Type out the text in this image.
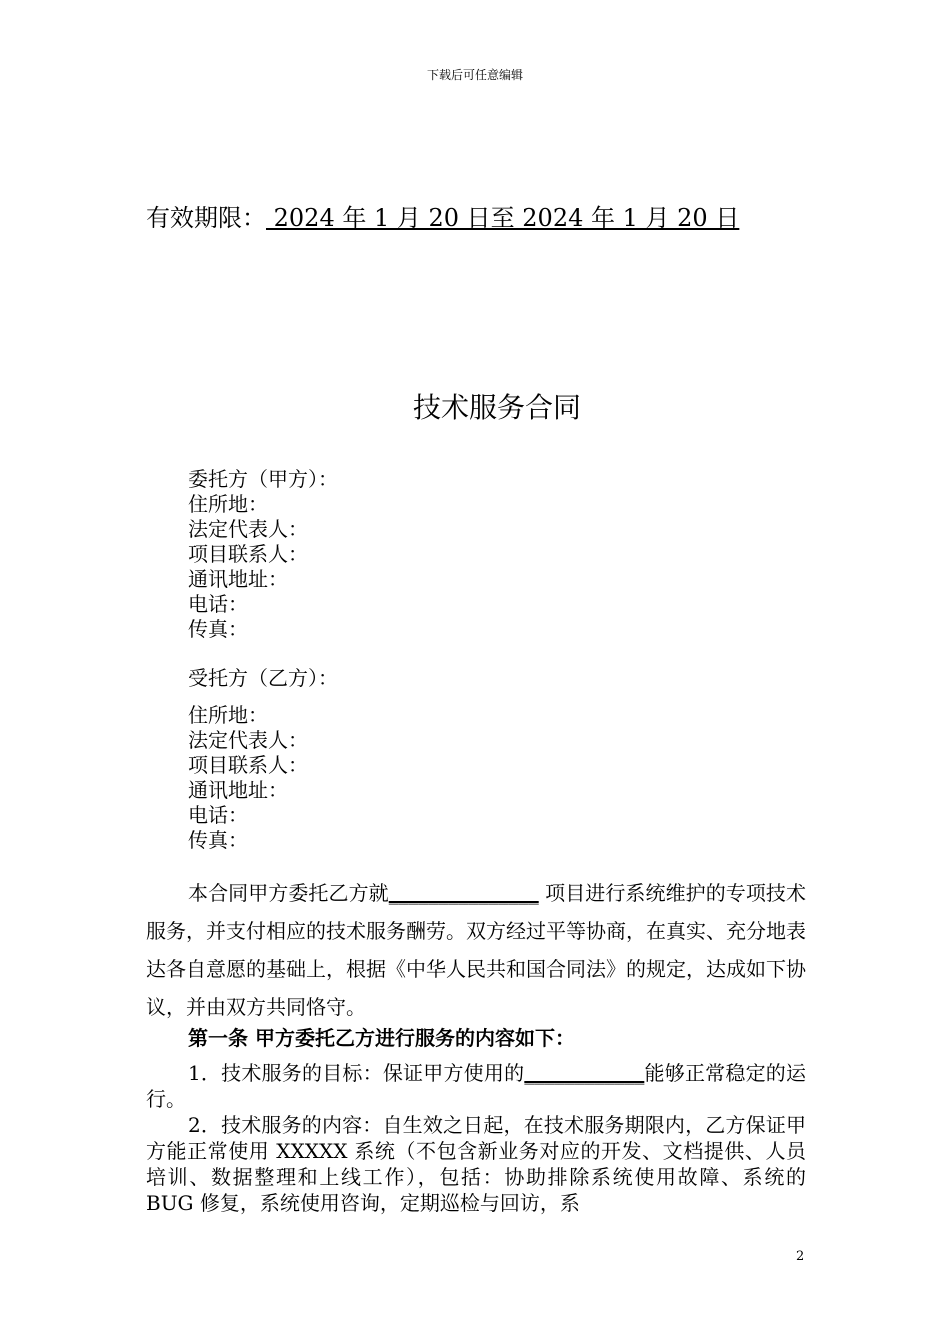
下载后可任意编辑
有效期限： 2024 年 1 月 20 日至 2024 年 1 月 20 日
技术服务合同
委托方（甲方）：
住所地：
法定代表人：
项目联系人：
通讯地址：
电话：
传真：
受托方（乙方）：
住所地：
法定代表人：
项目联系人：
通讯地址：
电话：
传真：

本合同甲方委托乙方就_______________ 项目进行系统维护的专项技术服务，并支付相应的技术服务酬劳。双方经过平等协商，在真实、充分地表达各自意愿的基础上，根据《中华人民共和国合同法》的规定，达成如下协议，并由双方共同恪守。

第一条 甲方委托乙方进行服务的内容如下：

1．技术服务的目标：保证甲方使用的____________能够正常稳定的运行。

2．技术服务的内容：自生效之日起，在技术服务期限内，乙方保证甲方能正常使用 XXXXX 系统（不包含新业务对应的开发、文档提供、人员培训、数据整理和上线工作），包括：协助排除系统使用故障、系统的 BUG 修复，系统使用咨询，定期巡检与回访，系

2
